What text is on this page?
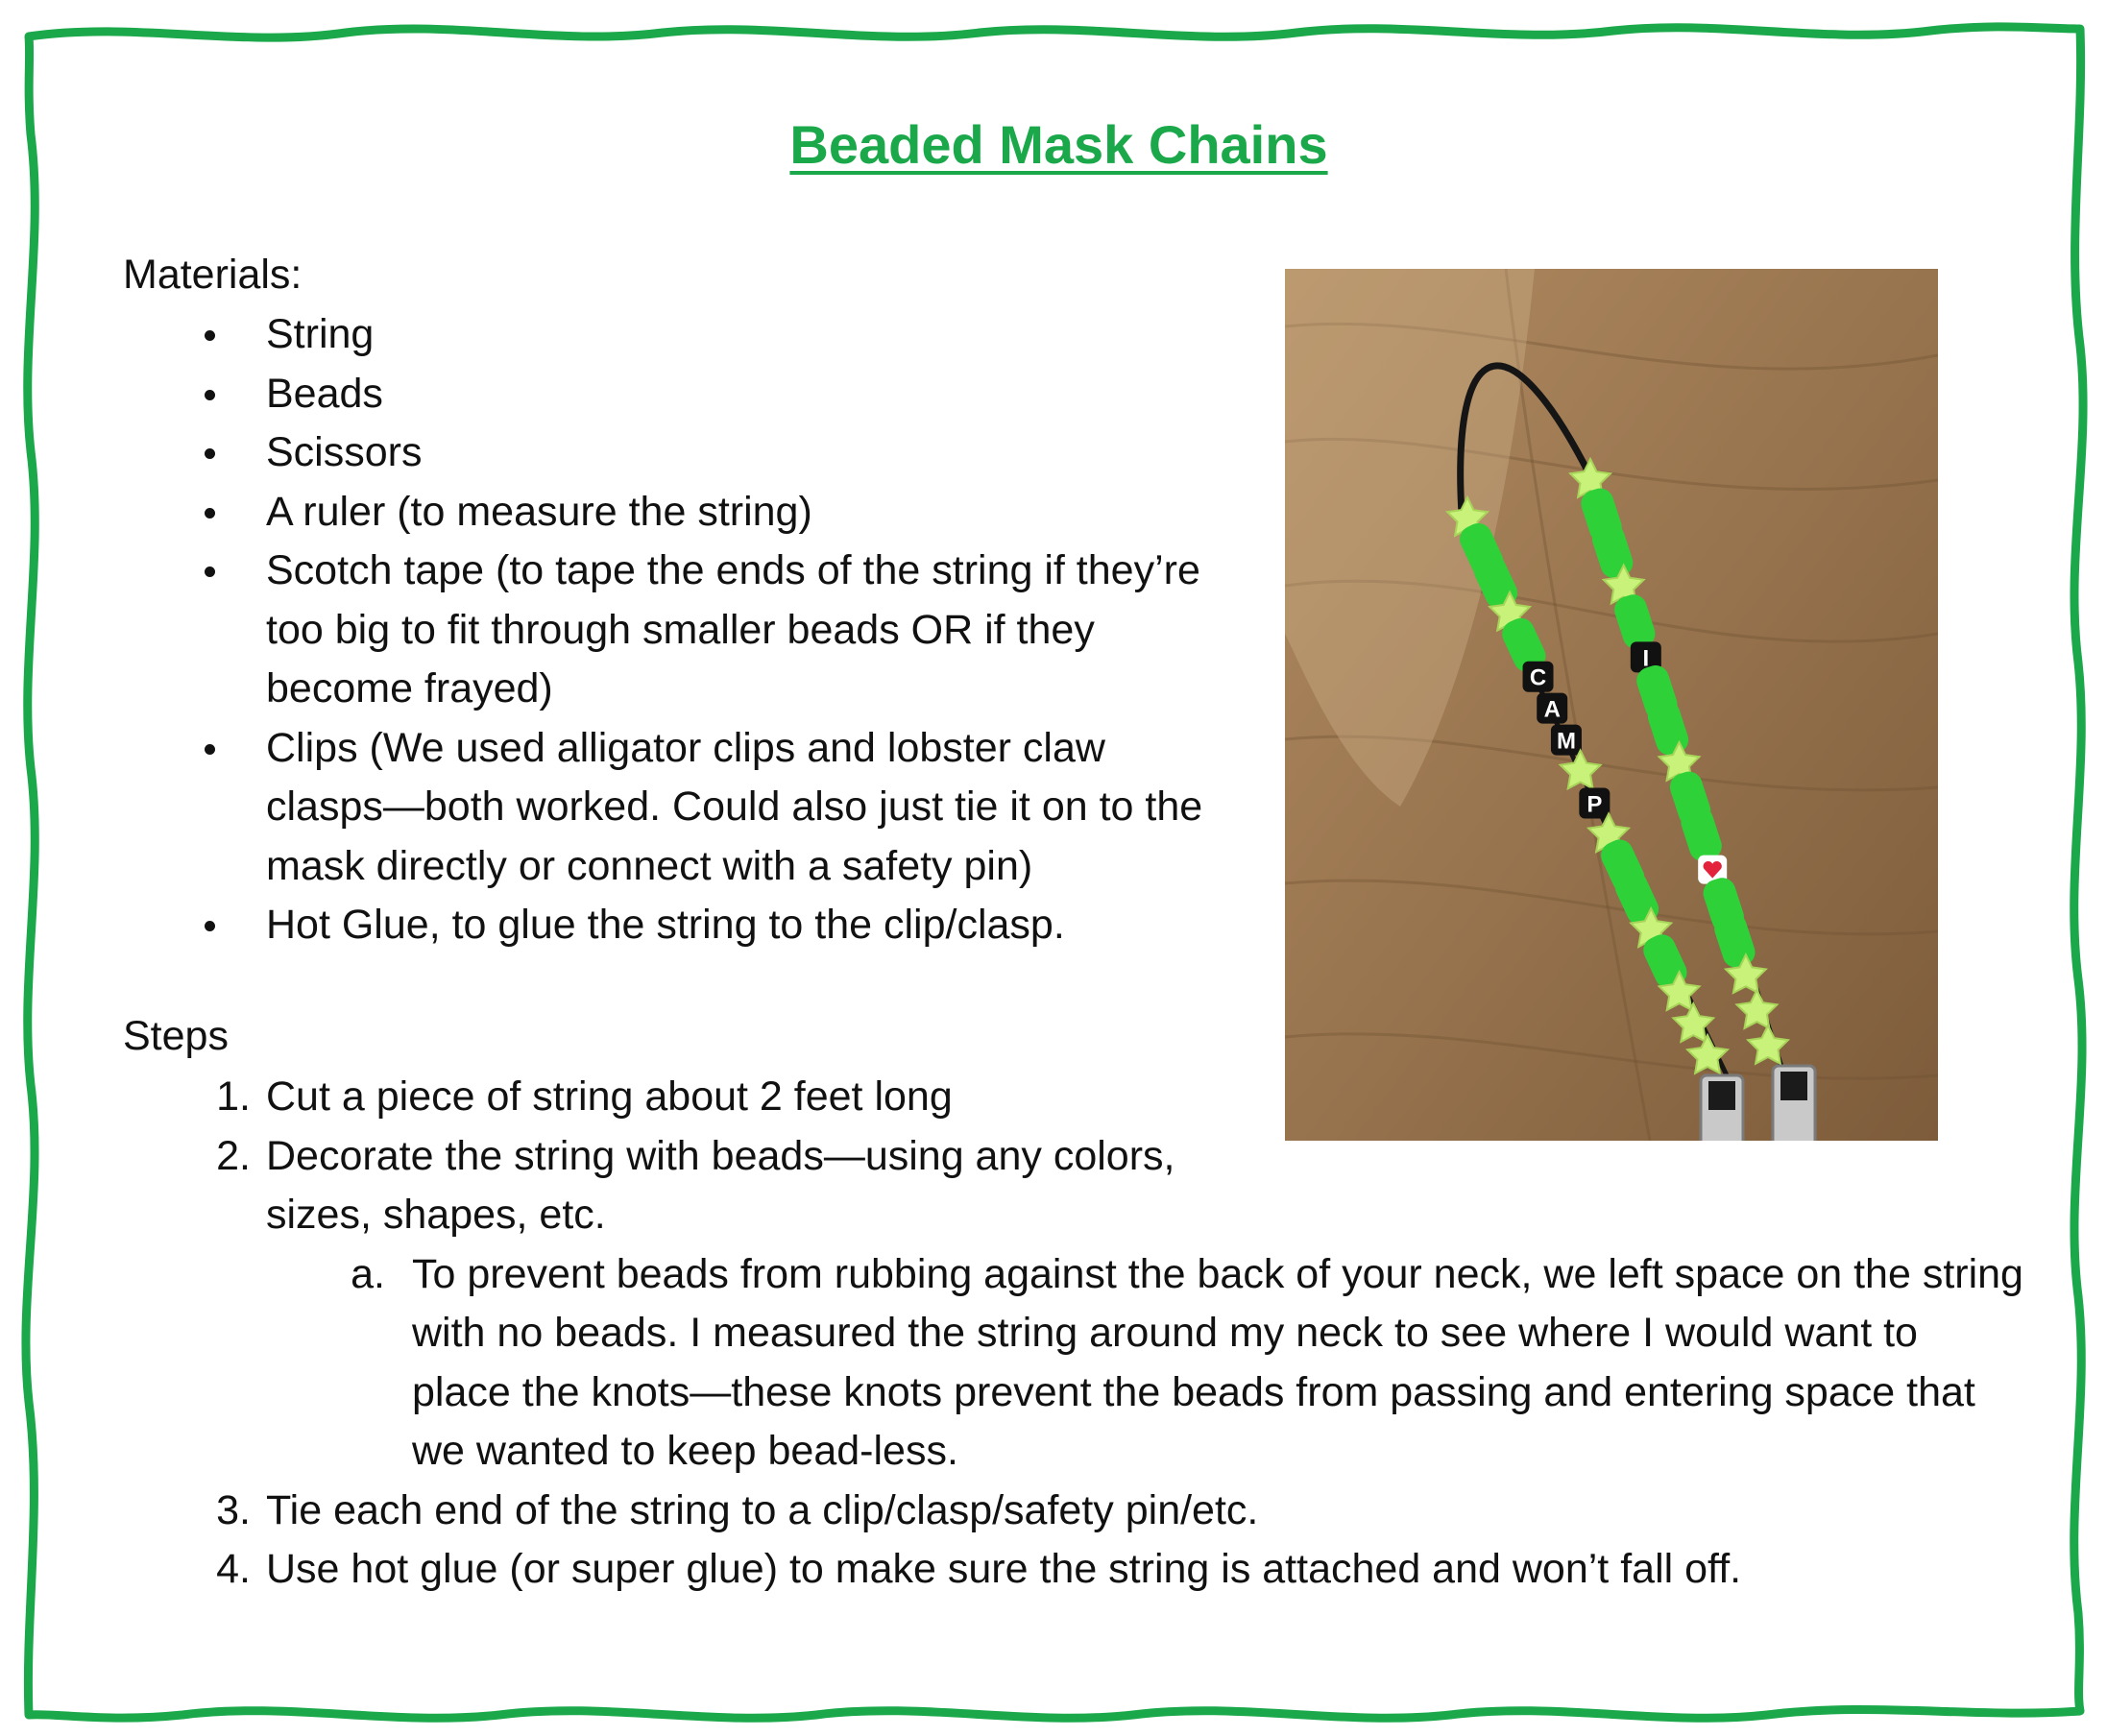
Beaded Mask Chains
Materials:
String
Beads
Scissors
A ruler (to measure the string)
Scotch tape (to tape the ends of the string if they’re too big to fit through smaller beads OR if they become frayed)
Clips (We used alligator clips and lobster claw clasps—both worked. Could also just tie it on to the mask directly or connect with a safety pin)
Hot Glue, to glue the string to the clip/clasp.
Steps
1. Cut a piece of string about 2 feet long
2. Decorate the string with beads—using any colors, sizes, shapes, etc.
a. To prevent beads from rubbing against the back of your neck, we left space on the string with no beads. I measured the string around my neck to see where I would want to place the knots—these knots prevent the beads from passing and entering space that we wanted to keep bead-less.
3. Tie each end of the string to a clip/clasp/safety pin/etc.
4. Use hot glue (or super glue) to make sure the string is attached and won’t fall off.
C
A
M
P
I
